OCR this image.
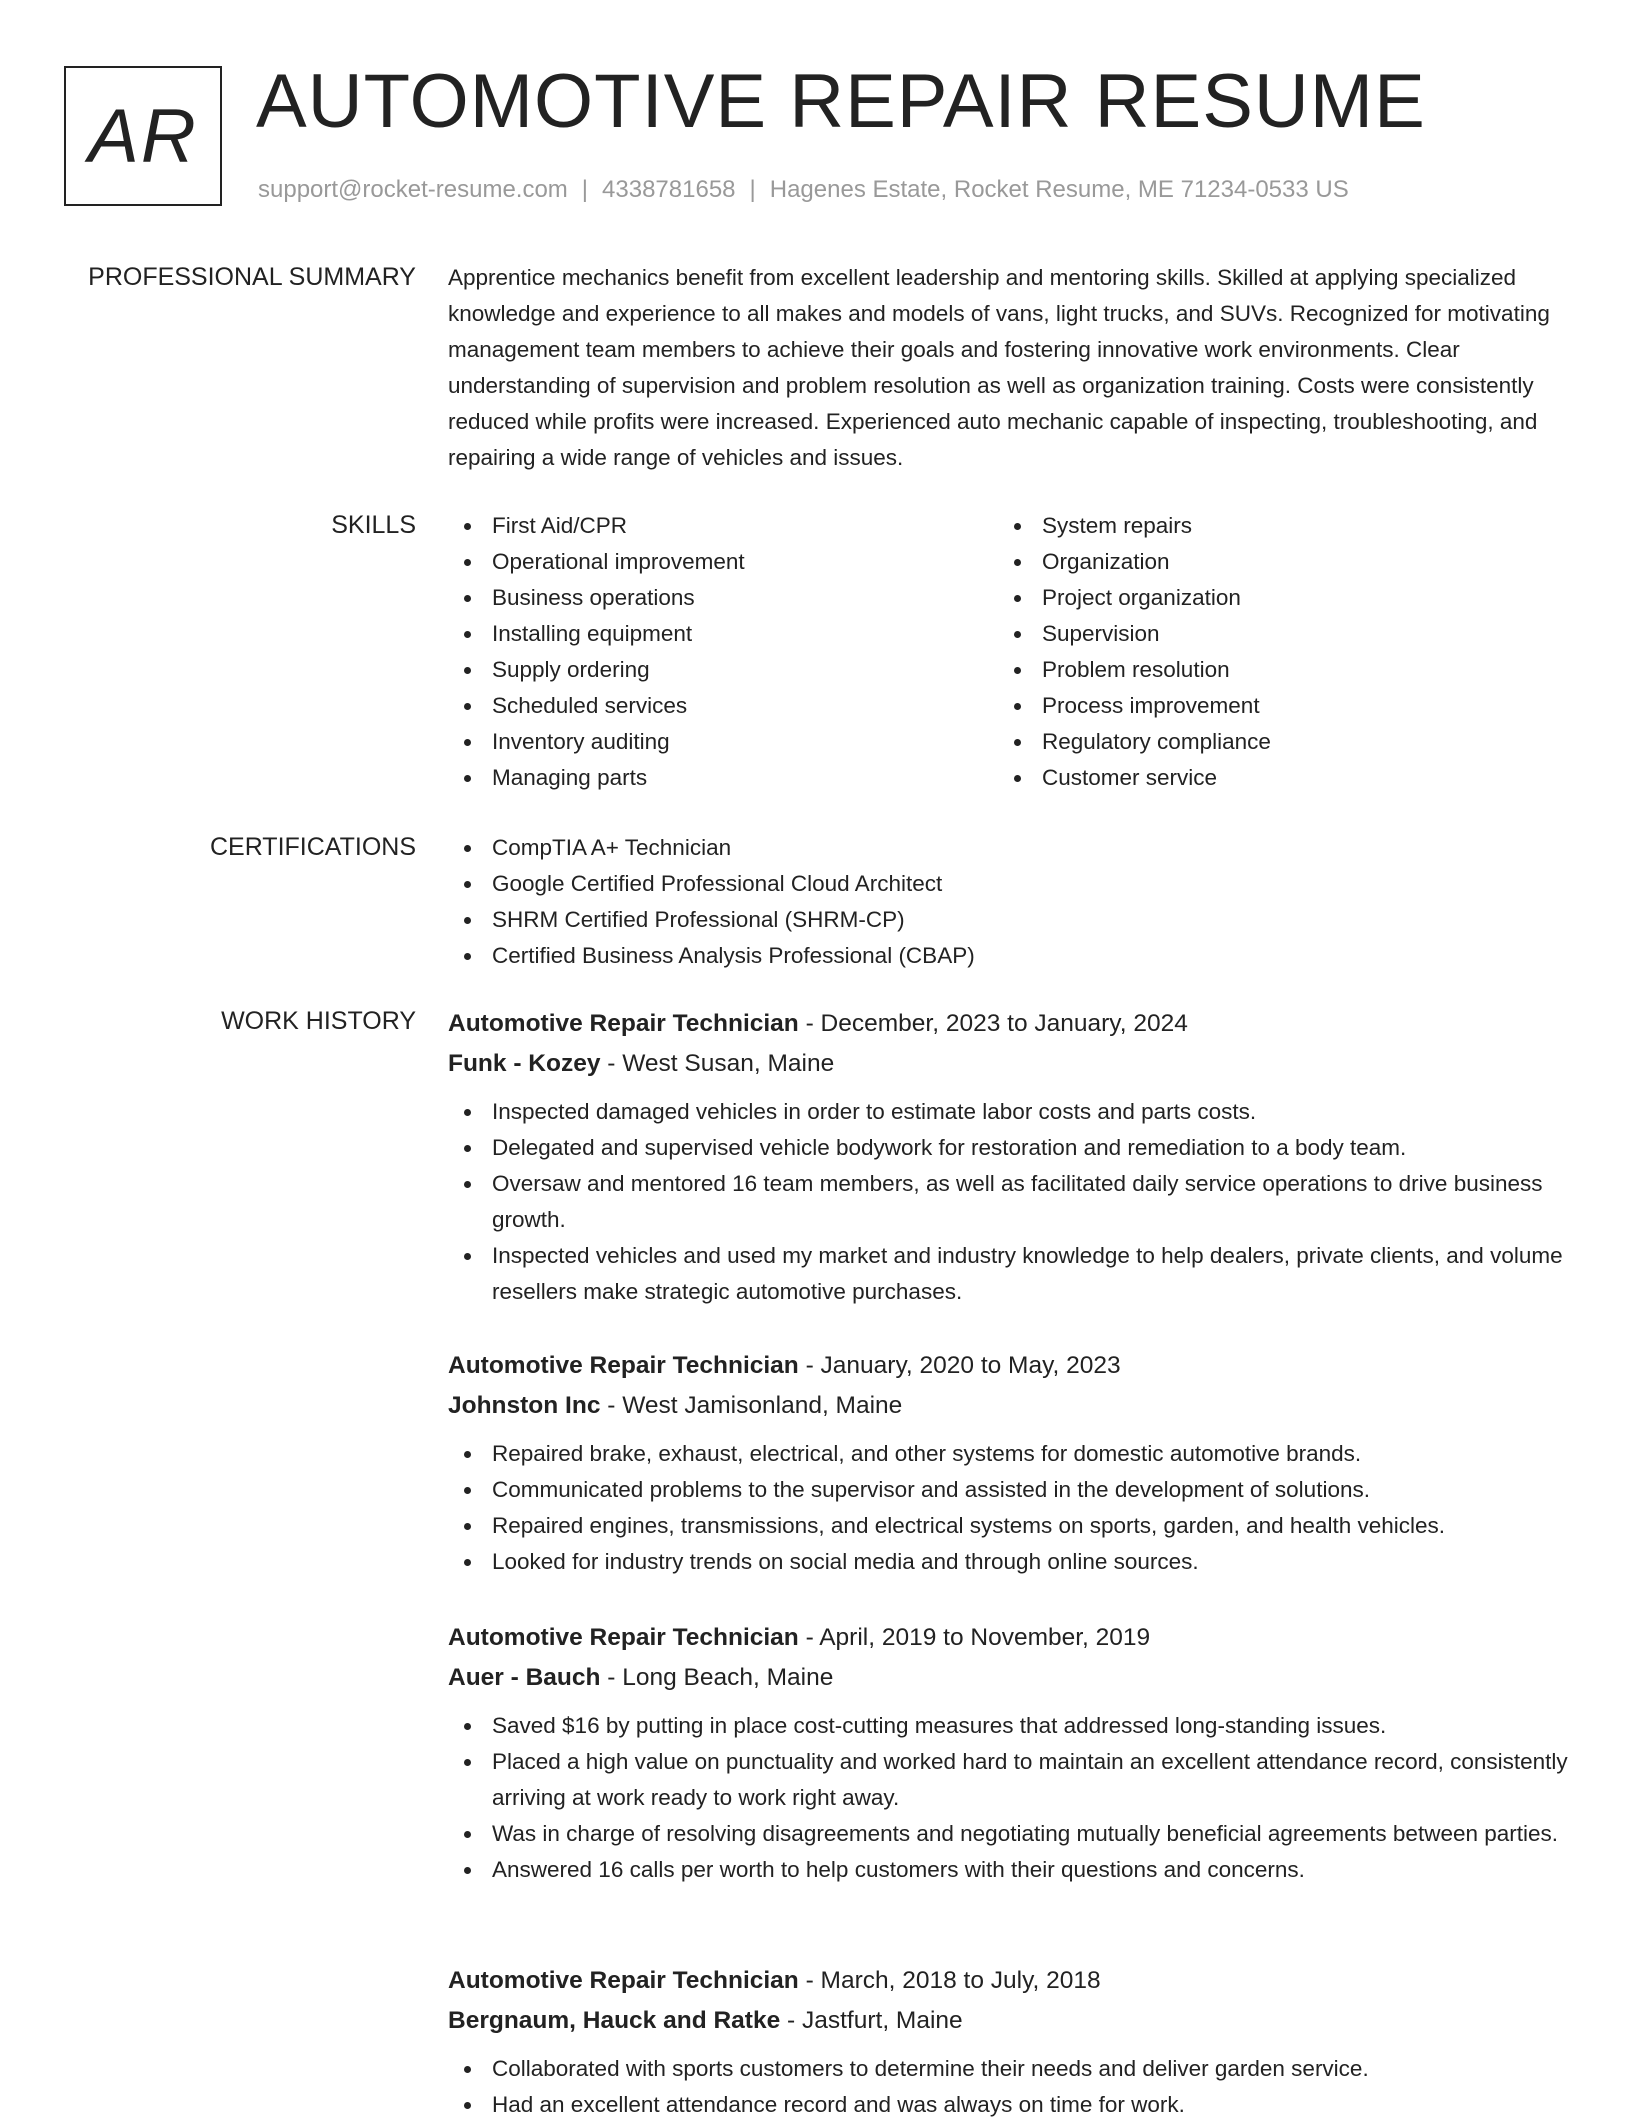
AR AUTOMOTIVE REPAIR RESUME
support@rocket-resume.com | 4338781658 | Hagenes Estate, Rocket Resume, ME 71234-0533 US
PROFESSIONAL SUMMARY Apprentice mechanics benefit from excellent leadership and mentoring skills. Skilled at applying specialized knowledge and experience to all makes and models of vans, light trucks, and SUVs. Recognized for motivating management team members to achieve their goals and fostering innovative work environments. Clear understanding of supervision and problem resolution as well as organization training. Costs were consistently reduced while profits were increased. Experienced auto mechanic capable of inspecting, troubleshooting, and repairing a wide range of vehicles and issues.

SKILLS	First Aid/CPR
Operational improvement
Business operations
Installing equipment
Supply ordering
Scheduled services
Inventory auditing
Managing parts
System repairs
Organization
Project organization
Supervision
Problem resolution
Process improvement
Regulatory compliance
Customer service
CERTIFICATIONS	CompTIA A+ Technician
Google Certified Professional Cloud Architect
SHRM Certified Professional (SHRM-CP)
Certified Business Analysis Professional (CBAP)
WORK HISTORY Automotive Repair Technician - December, 2023 to January, 2024
Funk - Kozey - West Susan, Maine
Inspected damaged vehicles in order to estimate labor costs and parts costs.
Delegated and supervised vehicle bodywork for restoration and remediation to a body team.
Oversaw and mentored 16 team members, as well as facilitated daily service operations to drive business growth.
Inspected vehicles and used my market and industry knowledge to help dealers, private clients, and volume resellers make strategic automotive purchases.
Automotive Repair Technician - January, 2020 to May, 2023
Johnston Inc - West Jamisonland, Maine
Repaired brake, exhaust, electrical, and other systems for domestic automotive brands.
Communicated problems to the supervisor and assisted in the development of solutions.
Repaired engines, transmissions, and electrical systems on sports, garden, and health vehicles.
Looked for industry trends on social media and through online sources.
Automotive Repair Technician - April, 2019 to November, 2019
Auer - Bauch - Long Beach, Maine
Saved $16 by putting in place cost-cutting measures that addressed long-standing issues.
Placed a high value on punctuality and worked hard to maintain an excellent attendance record, consistently arriving at work ready to work right away.
Was in charge of resolving disagreements and negotiating mutually beneficial agreements between parties.
Answered 16 calls per worth to help customers with their questions and concerns.
Automotive Repair Technician - March, 2018 to July, 2018
Bergnaum, Hauck and Ratke - Jastfurt, Maine
Collaborated with sports customers to determine their needs and deliver garden service.
Had an excellent attendance record and was always on time for work.
